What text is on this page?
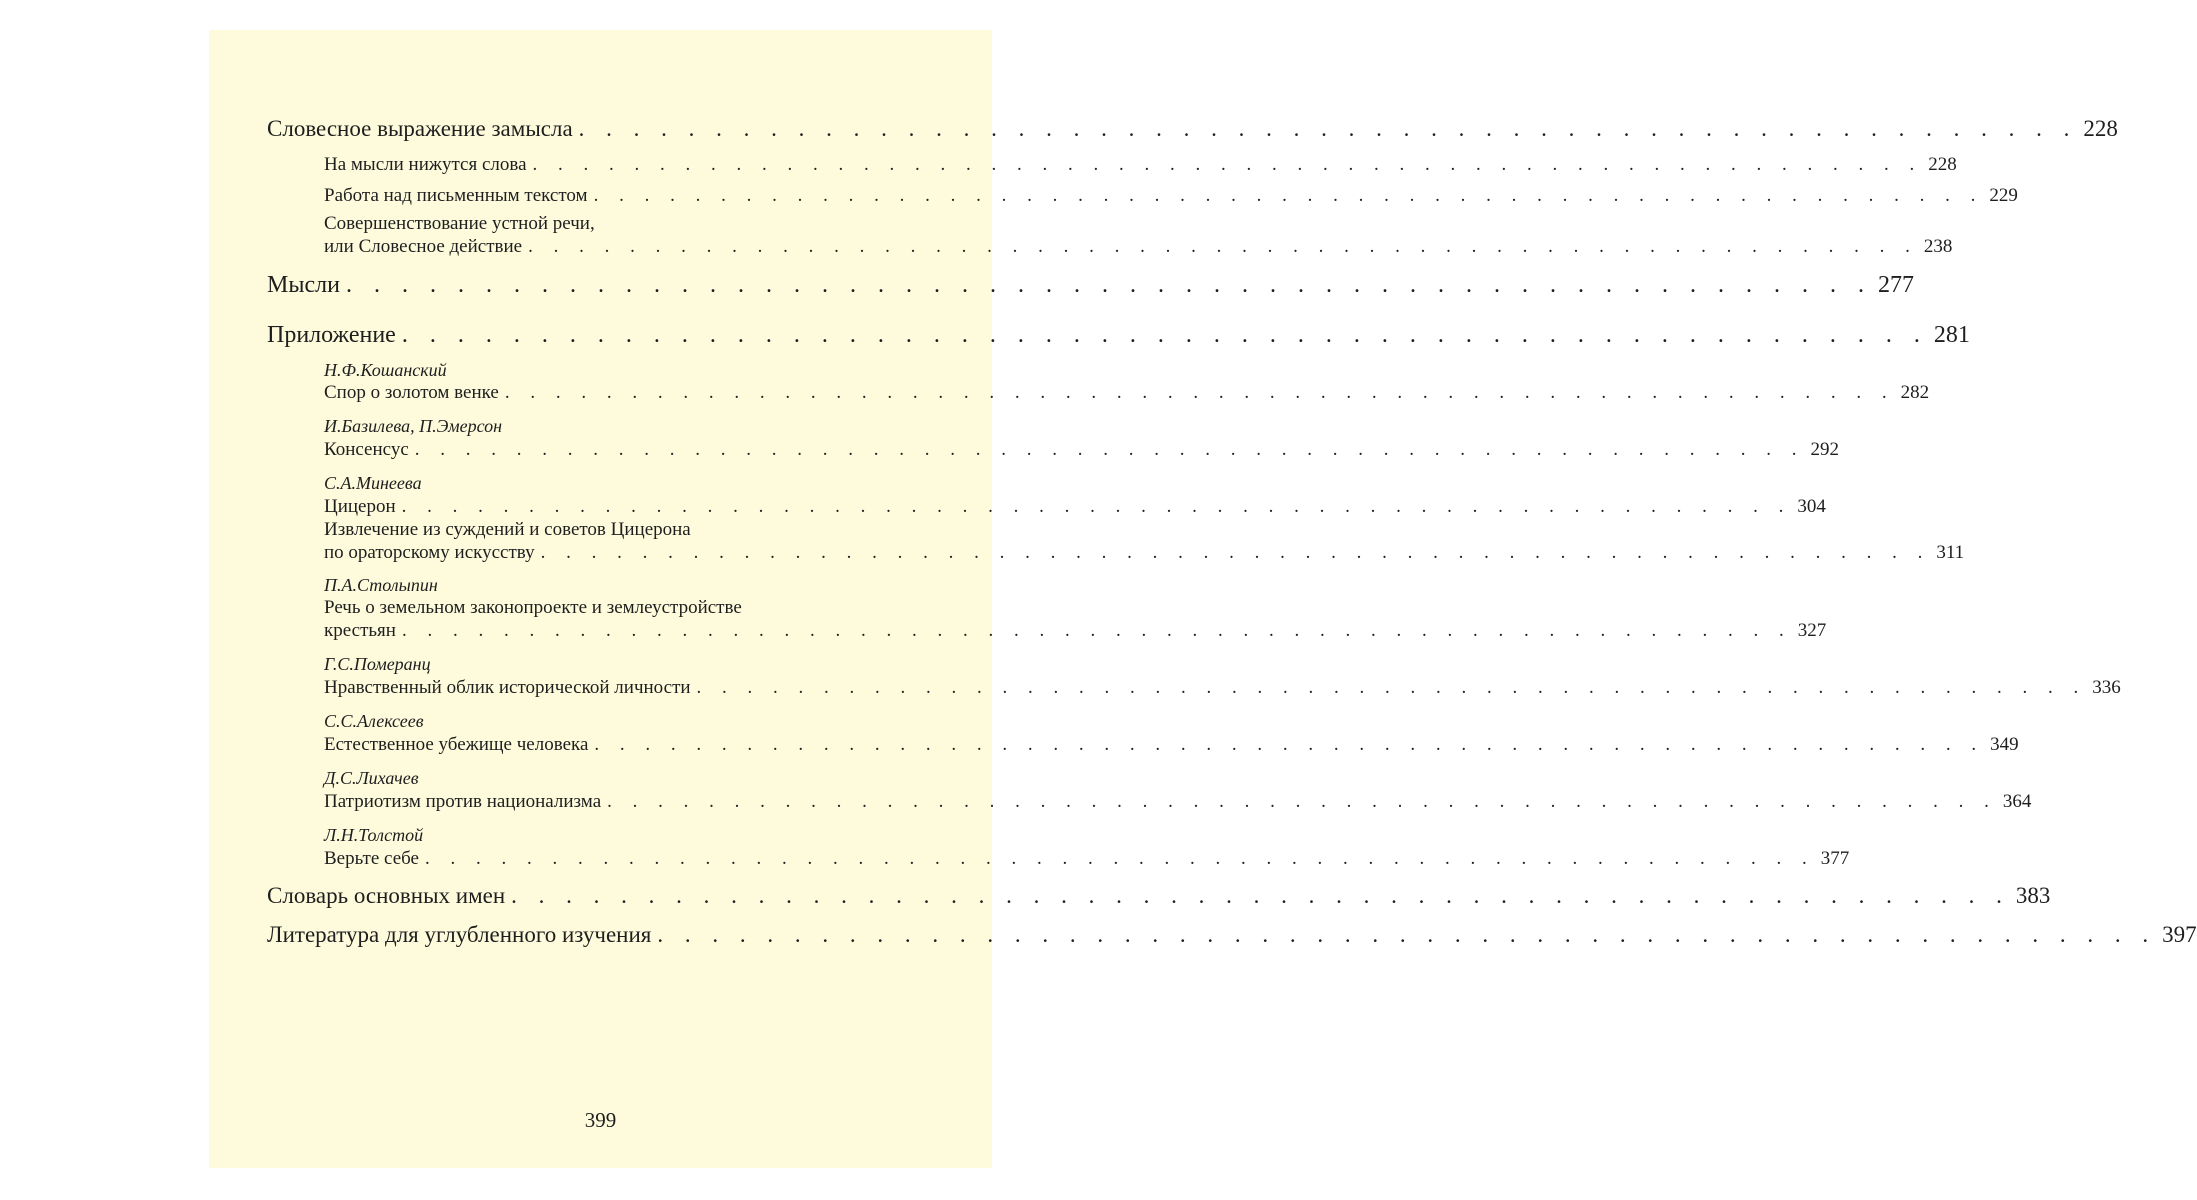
Словесное выражение замысла . . . . . . . . . . . . . . . . . . . . . . . . . . . . . . . . . . . . . . . . . . . . . . . . . . . . . . . 228
На мысли нижутся слова . . . . . . . . . . . . . . . . . . . . . . . . . . . . . . . . . . . . . . . . . . . . . . . . . . . . . . . 228
Работа над письменным текстом . . . . . . . . . . . . . . . . . . . . . . . . . . . . . . . . . . . . . . . . . . . . . . . . . . . . . . . 229
Совершенствование устной речи,
или Словесное действие . . . . . . . . . . . . . . . . . . . . . . . . . . . . . . . . . . . . . . . . . . . . . . . . . . . . . . . 238
Мысли . . . . . . . . . . . . . . . . . . . . . . . . . . . . . . . . . . . . . . . . . . . . . . . . . . . . . . . 277
Приложение . . . . . . . . . . . . . . . . . . . . . . . . . . . . . . . . . . . . . . . . . . . . . . . . . . . . . . . 281
Н.Ф.Кошанский
Спор о золотом венке . . . . . . . . . . . . . . . . . . . . . . . . . . . . . . . . . . . . . . . . . . . . . . . . . . . . . . . 282
И.Базилева, П.Эмерсон
Консенсус . . . . . . . . . . . . . . . . . . . . . . . . . . . . . . . . . . . . . . . . . . . . . . . . . . . . . . . 292
С.А.Минеева
Цицерон . . . . . . . . . . . . . . . . . . . . . . . . . . . . . . . . . . . . . . . . . . . . . . . . . . . . . . . 304
Извлечение из суждений и советов Цицерона
по ораторскому искусству . . . . . . . . . . . . . . . . . . . . . . . . . . . . . . . . . . . . . . . . . . . . . . . . . . . . . . . 311
П.А.Столыпин
Речь о земельном законопроекте и землеустройстве
крестьян . . . . . . . . . . . . . . . . . . . . . . . . . . . . . . . . . . . . . . . . . . . . . . . . . . . . . . . 327
Г.С.Померанц
Нравственный облик исторической личности . . . . . . . . . . . . . . . . . . . . . . . . . . . . . . . . . . . . . . . . . . . . . . . . . . . . . . . 336
С.С.Алексеев
Естественное убежище человека . . . . . . . . . . . . . . . . . . . . . . . . . . . . . . . . . . . . . . . . . . . . . . . . . . . . . . . 349
Д.С.Лихачев
Патриотизм против национализма . . . . . . . . . . . . . . . . . . . . . . . . . . . . . . . . . . . . . . . . . . . . . . . . . . . . . . . 364
Л.Н.Толстой
Верьте себе . . . . . . . . . . . . . . . . . . . . . . . . . . . . . . . . . . . . . . . . . . . . . . . . . . . . . . . 377
Словарь основных имен . . . . . . . . . . . . . . . . . . . . . . . . . . . . . . . . . . . . . . . . . . . . . . . . . . . . . . . 383
Литература для углубленного изучения . . . . . . . . . . . . . . . . . . . . . . . . . . . . . . . . . . . . . . . . . . . . . . . . . . . . . . . 397
399
